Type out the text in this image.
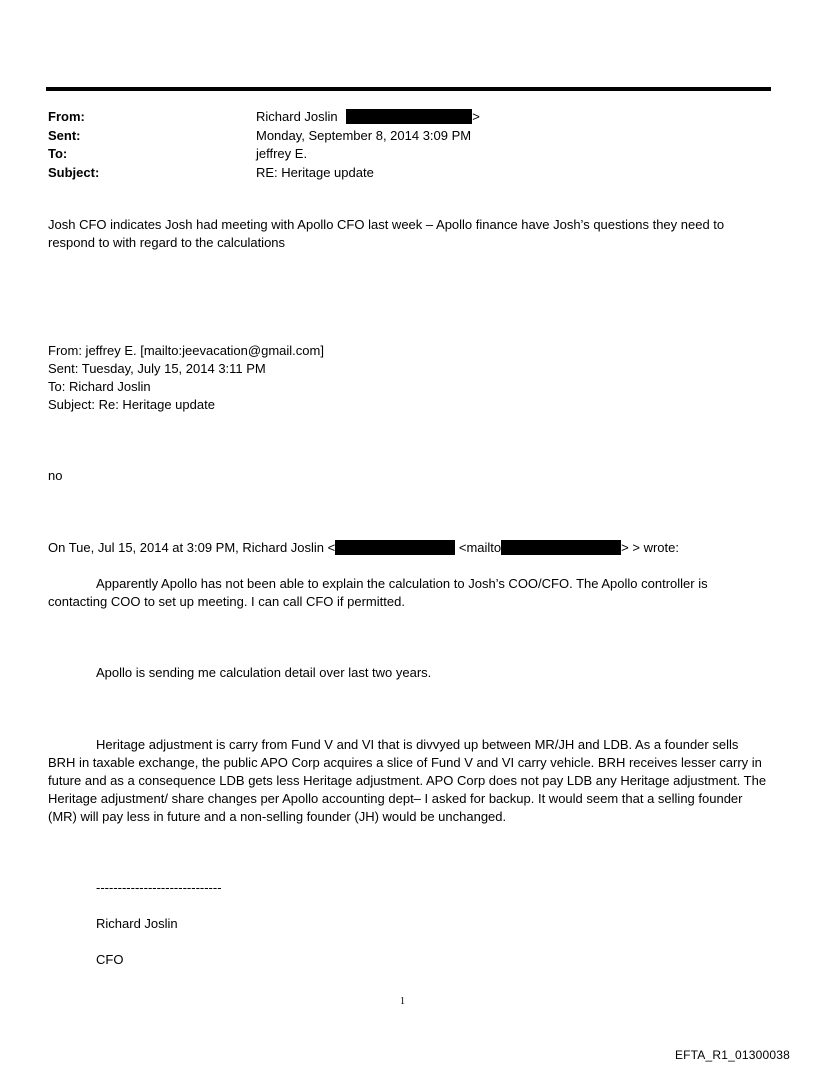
From:	Richard Joslin	>
Sent:	Monday, September 8, 2014 3:09 PM
To:	jeffrey E.
Subject:	RE: Heritage update
Josh CFO indicates Josh had meeting with Apollo CFO last week – Apollo finance have Josh’s questions they need to respond to with regard to the calculations
From: jeffrey E. [mailto:jeevacation@gmail.com]
Sent: Tuesday, July 15, 2014 3:11 PM
To: Richard Joslin
Subject: Re: Heritage update
no
On Tue, Jul 15, 2014 at 3:09 PM, Richard Joslin <	<mailto	> > wrote:
Apparently Apollo has not been able to explain the calculation to Josh’s COO/CFO. The Apollo controller is contacting COO to set up meeting. I can call CFO if permitted.
Apollo is sending me calculation detail over last two years.
Heritage adjustment is carry from Fund V and VI that is divvyed up between MR/JH and LDB. As a founder sells BRH in taxable exchange, the public APO Corp acquires a slice of Fund V and VI carry vehicle. BRH receives lesser carry in future and as a consequence LDB gets less Heritage adjustment. APO Corp does not pay LDB any Heritage adjustment. The Heritage adjustment/ share changes per Apollo accounting dept– I asked for backup. It would seem that a selling founder (MR) will pay less in future and a non-selling founder (JH) would be unchanged.
-----------------------------
Richard Joslin
CFO
1
EFTA_R1_01300038
